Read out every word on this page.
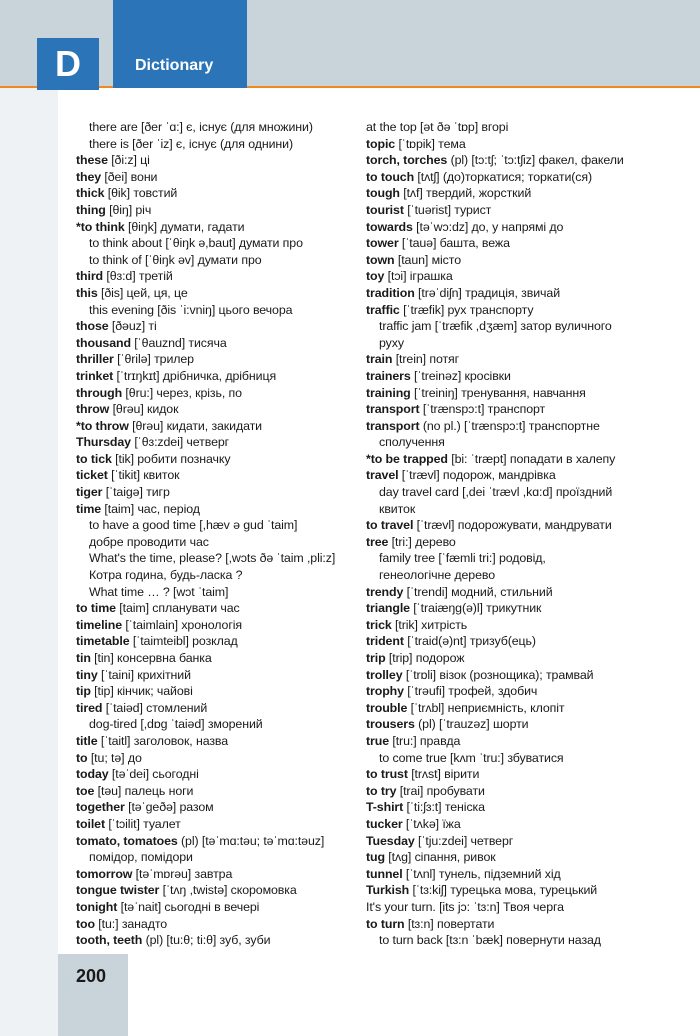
D	Dictionary
there are [ðer ˈɑ:] є, існує (для множини)
there is [ðer ˈiz] є, існує (для однини)
these [ði:z] ці
they [ðei] вони
thick [θik] товстий
thing [θiŋ] річ
*to think [θiŋk] думати, гадати
to think about [ˈθiŋk ə,baut] думати про
to think of [ˈθiŋk əv] думати про
third [θɜ:d] третій
this [ðis] цей, ця, це
this evening [ðis ˈi:vniŋ] цього вечора
those [ðəuz] ті
thousand [ˈθauznd] тисяча
thriller [ˈθrilə] трилер
trinket [ˈtrɪŋkɪt] дрібничка, дрібниця
through [θru:] через, крізь, по
throw [θrəu] кидок
*to throw [θrəu] кидати, закидати
Thursday [ˈθɜ:zdei] четверг
to tick [tik] робити позначку
ticket [ˈtikit] квиток
tiger [ˈtaigə] тигр
time [taim] час, період
to have a good time [,hæv ə gud ˈtaim]
добре проводити час
What's the time, please? [,wɔts ðə ˈtaim ,pli:z]
Котра година, будь-ласка ?
What time … ? [wɔt ˈtaim]
to time [taim] спланувати час
timeline [ˈtaimlain] хронологія
timetable [ˈtaimteibl] розклад
tin [tin] консервна банка
tiny [ˈtaini] крихітний
tip [tip] кінчик; чайові
tired [ˈtaiəd] стомлений
dog-tired [,dɒg ˈtaiəd] зморений
title [ˈtaitl] заголовок, назва
to [tu; tə] до
today [təˈdei] сьогодні
toe [təu] палець ноги
together [təˈgeðə] разом
toilet [ˈtɔilit] туалет
tomato, tomatoes (pl) [təˈmɑ:təu; təˈmɑ:təuz]
помідор, помідори
tomorrow [təˈmɒrəu] завтра
tongue twister [ˈtʌŋ ,twistə] скоромовка
tonight [təˈnait] сьогодні в вечері
too [tu:] занадто
tooth, teeth (pl) [tu:θ; ti:θ] зуб, зуби
at the top [ət ðə ˈtɒp] вгорі
topic [ˈtɒpik] тема
torch, torches (pl) [tɔ:tʃ; ˈtɔ:tʃiz] факел, факели
to touch [tʌtʃ] (до)торкатися; торкати(ся)
tough [tʌf] твердий, жорсткий
tourist [ˈtuərist] турист
towards [təˈwɔ:dz] до, у напрямі до
tower [ˈtauə] башта, вежа
town [taun] місто
toy [tɔi] іграшка
tradition [trəˈdiʃn] традиція, звичай
traffic [ˈtræfik] рух транспорту
traffic jam [ˈtræfik ,dʒæm] затор вуличного
руху
train [trein] потяг
trainers [ˈtreinəz] кросівки
training [ˈtreiniŋ] тренування, навчання
transport [ˈtrænspɔ:t] транспорт
transport (no pl.) [ˈtrænspɔ:t] транспортне
сполучення
*to be trapped [bi: ˈtræpt] попадати в халепу
travel [ˈtrævl] подорож, мандрівка
day travel card [,dei ˈtrævl ,kɑ:d] проїздний
квиток
to travel [ˈtrævl] подорожувати, мандрувати
tree [tri:] дерево
family tree [ˈfæmli tri:] родовід,
генеологічне дерево
trendy [ˈtrendi] модний, стильний
triangle [ˈtraiæŋɡ(ə)l] трикутник
trick [trik] хитрість
trident [ˈtraid(ə)nt] тризуб(ець)
trip [trip] подорож
trolley [ˈtrɒli] візок (рознощика); трамвай
trophy [ˈtrəufi] трофей, здобич
trouble [ˈtrʌbl] неприємність, клопіт
trousers (pl) [ˈtrauzəz] шорти
true [tru:] правда
to come true [kʌm ˈtru:] збуватися
to trust [trʌst] вірити
to try [trai] пробувати
T-shirt [ˈti:ʃɜ:t] теніска
tucker [ˈtʌkə] їжа
Tuesday [ˈtju:zdei] четверг
tug [tʌg] сіпання, ривок
tunnel [ˈtʌnl] тунель, підземний хід
Turkish [ˈtɜ:kiʃ] турецька мова, турецький
It's your turn. [its jɔ: ˈtɜ:n] Твоя черга
to turn [tɜ:n] повертати
to turn back [tɜ:n ˈbæk] повернути назад
200
